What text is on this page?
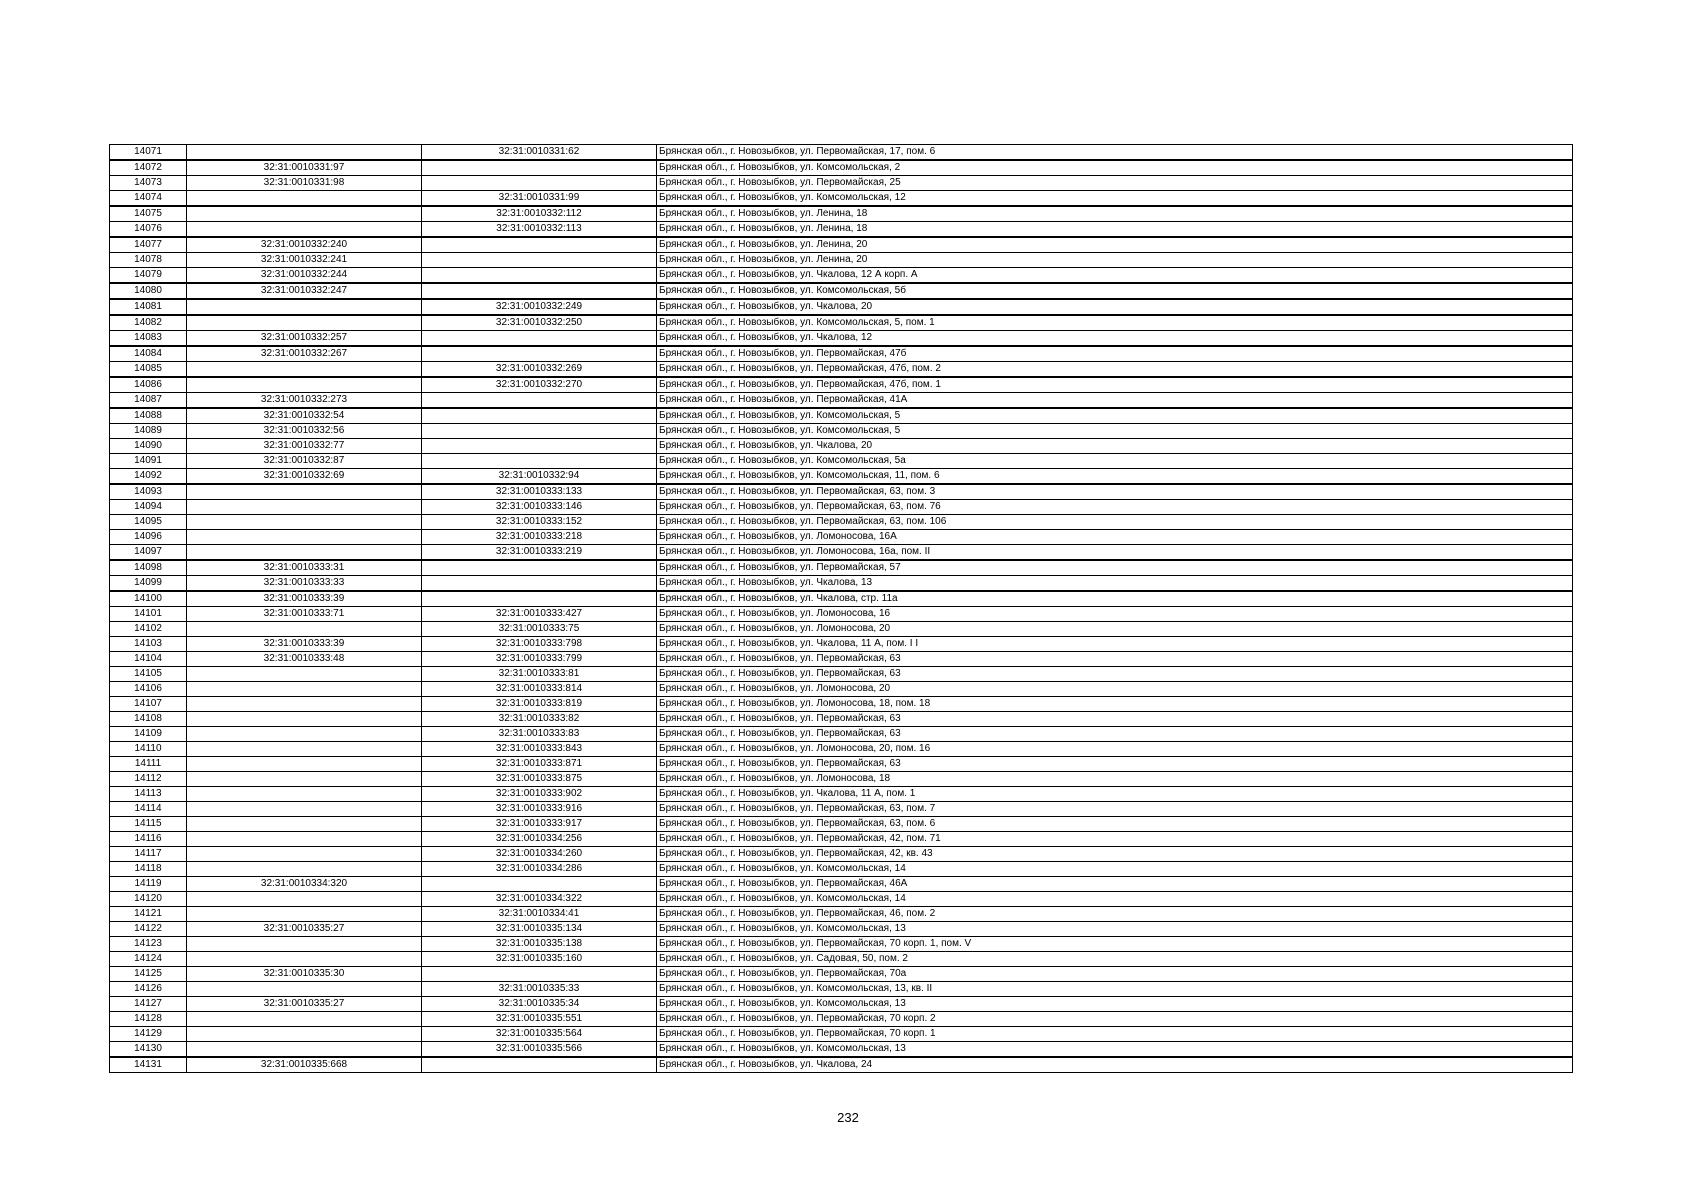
14071		32:31:0010331:62	Брянская обл., г. Новозыбков, ул. Первомайская, 17, пом. 6
14072	32:31:0010331:97		Брянская обл., г. Новозыбков, ул. Комсомольская, 2
14073	32:31:0010331:98		Брянская обл., г. Новозыбков, ул. Первомайская, 25
14074		32:31:0010331:99	Брянская обл., г. Новозыбков, ул. Комсомольская, 12
14075		32:31:0010332:112	Брянская обл., г. Новозыбков, ул. Ленина, 18
14076		32:31:0010332:113	Брянская обл., г. Новозыбков, ул. Ленина, 18
14077	32:31:0010332:240		Брянская обл., г. Новозыбков, ул. Ленина, 20
14078	32:31:0010332:241		Брянская обл., г. Новозыбков, ул. Ленина, 20
14079	32:31:0010332:244		Брянская обл., г. Новозыбков, ул. Чкалова, 12 А корп. А
14080	32:31:0010332:247		Брянская обл., г. Новозыбков, ул. Комсомольская, 5б
14081		32:31:0010332:249	Брянская обл., г. Новозыбков, ул. Чкалова, 20
14082		32:31:0010332:250	Брянская обл., г. Новозыбков, ул. Комсомольская, 5, пом. 1
14083	32:31:0010332:257		Брянская обл., г. Новозыбков, ул. Чкалова, 12
14084	32:31:0010332:267		Брянская обл., г. Новозыбков, ул. Первомайская, 47б
14085		32:31:0010332:269	Брянская обл., г. Новозыбков, ул. Первомайская, 47б, пом. 2
14086		32:31:0010332:270	Брянская обл., г. Новозыбков, ул. Первомайская, 47б, пом. 1
14087	32:31:0010332:273		Брянская обл., г. Новозыбков, ул. Первомайская, 41А
14088	32:31:0010332:54		Брянская обл., г. Новозыбков, ул. Комсомольская, 5
14089	32:31:0010332:56		Брянская обл., г. Новозыбков, ул. Комсомольская, 5
14090	32:31:0010332:77		Брянская обл., г. Новозыбков, ул. Чкалова, 20
14091	32:31:0010332:87		Брянская обл., г. Новозыбков, ул. Комсомольская, 5а
14092	32:31:0010332:69	32:31:0010332:94	Брянская обл., г. Новозыбков, ул. Комсомольская, 11, пом. 6
14093		32:31:0010333:133	Брянская обл., г. Новозыбков, ул. Первомайская, 63, пом. 3
14094		32:31:0010333:146	Брянская обл., г. Новозыбков, ул. Первомайская, 63, пом. 76
14095		32:31:0010333:152	Брянская обл., г. Новозыбков, ул. Первомайская, 63, пом. 106
14096		32:31:0010333:218	Брянская обл., г. Новозыбков, ул. Ломоносова, 16А
14097		32:31:0010333:219	Брянская обл., г. Новозыбков, ул. Ломоносова, 16а, пом. II
14098	32:31:0010333:31		Брянская обл., г. Новозыбков, ул. Первомайская, 57
14099	32:31:0010333:33		Брянская обл., г. Новозыбков, ул. Чкалова, 13
14100	32:31:0010333:39		Брянская обл., г. Новозыбков, ул. Чкалова, стр. 11а
14101	32:31:0010333:71	32:31:0010333:427	Брянская обл., г. Новозыбков, ул. Ломоносова, 16
14102		32:31:0010333:75	Брянская обл., г. Новозыбков, ул. Ломоносова, 20
14103	32:31:0010333:39	32:31:0010333:798	Брянская обл., г. Новозыбков, ул. Чкалова, 11 А, пом. I I
14104	32:31:0010333:48	32:31:0010333:799	Брянская обл., г. Новозыбков, ул. Первомайская, 63
14105		32:31:0010333:81	Брянская обл., г. Новозыбков, ул. Первомайская, 63
14106		32:31:0010333:814	Брянская обл., г. Новозыбков, ул. Ломоносова, 20
14107		32:31:0010333:819	Брянская обл., г. Новозыбков, ул. Ломоносова, 18, пом. 18
14108		32:31:0010333:82	Брянская обл., г. Новозыбков, ул. Первомайская, 63
14109		32:31:0010333:83	Брянская обл., г. Новозыбков, ул. Первомайская, 63
14110		32:31:0010333:843	Брянская обл., г. Новозыбков, ул. Ломоносова, 20, пом. 16
14111		32:31:0010333:871	Брянская обл., г. Новозыбков, ул. Первомайская, 63
14112		32:31:0010333:875	Брянская обл., г. Новозыбков, ул. Ломоносова, 18
14113		32:31:0010333:902	Брянская обл., г. Новозыбков, ул. Чкалова, 11 А, пом. 1
14114		32:31:0010333:916	Брянская обл., г. Новозыбков, ул. Первомайская, 63, пом. 7
14115		32:31:0010333:917	Брянская обл., г. Новозыбков, ул. Первомайская, 63, пом. 6
14116		32:31:0010334:256	Брянская обл., г. Новозыбков, ул. Первомайская, 42, пом. 71
14117		32:31:0010334:260	Брянская обл., г. Новозыбков, ул. Первомайская, 42, кв. 43
14118		32:31:0010334:286	Брянская обл., г. Новозыбков, ул. Комсомольская, 14
14119	32:31:0010334:320		Брянская обл., г. Новозыбков, ул. Первомайская, 46А
14120		32:31:0010334:322	Брянская обл., г. Новозыбков, ул. Комсомольская, 14
14121		32:31:0010334:41	Брянская обл., г. Новозыбков, ул. Первомайская, 46, пом. 2
14122	32:31:0010335:27	32:31:0010335:134	Брянская обл., г. Новозыбков, ул. Комсомольская, 13
14123		32:31:0010335:138	Брянская обл., г. Новозыбков, ул. Первомайская, 70 корп. 1, пом. V
14124		32:31:0010335:160	Брянская обл., г. Новозыбков, ул. Садовая, 50, пом. 2
14125	32:31:0010335:30		Брянская обл., г. Новозыбков, ул. Первомайская, 70а
14126		32:31:0010335:33	Брянская обл., г. Новозыбков, ул. Комсомольская, 13, кв. II
14127	32:31:0010335:27	32:31:0010335:34	Брянская обл., г. Новозыбков, ул. Комсомольская, 13
14128		32:31:0010335:551	Брянская обл., г. Новозыбков, ул. Первомайская, 70 корп. 2
14129		32:31:0010335:564	Брянская обл., г. Новозыбков, ул. Первомайская, 70 корп. 1
14130		32:31:0010335:566	Брянская обл., г. Новозыбков, ул. Комсомольская, 13
14131	32:31:0010335:668		Брянская обл., г. Новозыбков, ул. Чкалова, 24
232
